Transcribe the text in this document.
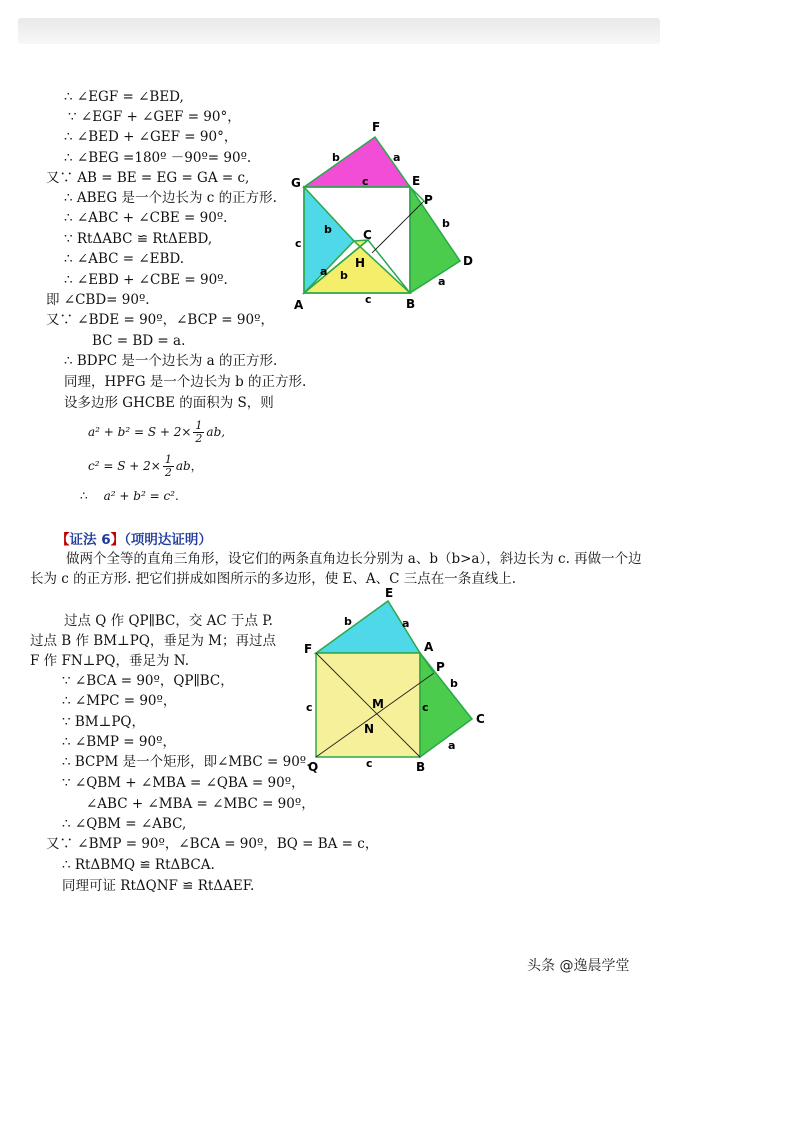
∴ ∠EGF = ∠BED,
∵ ∠EGF + ∠GEF = 90°，
∴ ∠BED + ∠GEF = 90°，
∴ ∠BEG =180º －90º= 90º.
又∵ AB = BE = EG = GA = c,
∴ ABEG 是一个边长为 c 的正方形.
∴ ∠ABC + ∠CBE = 90º.
∵ RtΔABC ≌ RtΔEBD,
∴ ∠ABC = ∠EBD.
∴ ∠EBD + ∠CBE = 90º.
即 ∠CBD= 90º.
又∵ ∠BDE = 90º，∠BCP = 90º，
BC = BD = a.
∴ BDPC 是一个边长为 a 的正方形.
同理，HPFG 是一个边长为 b 的正方形.
设多边形 GHCBE 的面积为 S，则
$a^2 + b^2 = S + 2\times \frac{1}{2}$ ab,
$c^2 = S + 2\times \frac{1}{2}$ ab，
∴ a² + b² = c².
F
G	E
P
C
H
A	B
D
b	a
c
b
c
a b
c
b
a
【证法 6】（项明达证明）
做两个全等的直角三角形，设它们的两条直角边长分别为 a、b（b>a），斜边长为 c. 再做一个边长为 c 的正方形. 把它们拼成如图所示的多边形，使 E、A、C 三点在一条直线上.
过点 Q 作 QP∥BC，交 AC 于点 P.
过点 B 作 BM⊥PQ，垂足为 M；再过点
F 作 FN⊥PQ，垂足为 N.
∵ ∠BCA = 90º，QP∥BC，
∴ ∠MPC = 90º，
∵ BM⊥PQ，
∴ ∠BMP = 90º，
∴ BCPM 是一个矩形，即∠MBC = 90º.
∵ ∠QBM + ∠MBA = ∠QBA = 90º，
∠ABC + ∠MBA = ∠MBC = 90º，
∴ ∠QBM = ∠ABC,
又∵ ∠BMP = 90º，∠BCA = 90º，BQ = BA = c，
∴ RtΔBMQ ≌ RtΔBCA.
同理可证 RtΔQNF ≌ RtΔAEF.
E
F	A
P
M
N
C
Q	B
b	a
c	c
c
b
a
头条 @逸晨学堂
